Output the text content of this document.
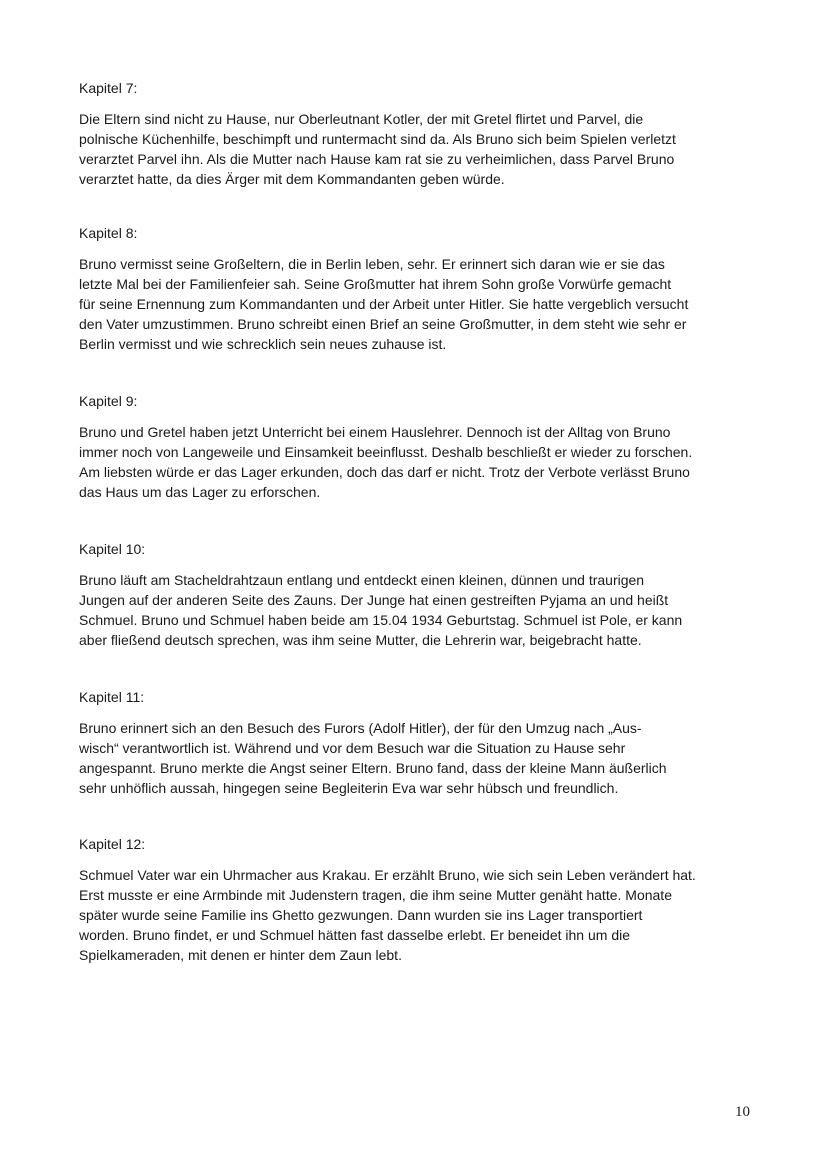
Kapitel 7:

Die Eltern sind nicht zu Hause, nur Oberleutnant Kotler, der mit Gretel flirtet und Parvel, die
polnische Küchenhilfe, beschimpft und runtermacht sind da. Als Bruno sich beim Spielen verletzt
verarztet Parvel ihn. Als die Mutter nach Hause kam rat sie zu verheimlichen, dass Parvel Bruno
verarztet hatte, da dies Ärger mit dem Kommandanten geben würde.

Kapitel 8:

Bruno vermisst seine Großeltern, die in Berlin leben, sehr. Er erinnert sich daran wie er sie das
letzte Mal bei der Familienfeier sah. Seine Großmutter hat ihrem Sohn große Vorwürfe gemacht
für seine Ernennung zum Kommandanten und der Arbeit unter Hitler. Sie hatte vergeblich versucht
den Vater umzustimmen. Bruno schreibt einen Brief an seine Großmutter, in dem steht wie sehr er
Berlin vermisst und wie schrecklich sein neues zuhause ist.

Kapitel 9:

Bruno und Gretel haben jetzt Unterricht bei einem Hauslehrer. Dennoch ist der Alltag von Bruno
immer noch von Langeweile und Einsamkeit beeinflusst. Deshalb beschließt er wieder zu forschen.
Am liebsten würde er das Lager erkunden, doch das darf er nicht. Trotz der Verbote verlässt Bruno
das Haus um das Lager zu erforschen.

Kapitel 10:

Bruno läuft am Stacheldrahtzaun entlang und entdeckt einen kleinen, dünnen und traurigen
Jungen auf der anderen Seite des Zauns. Der Junge hat einen gestreiften Pyjama an und heißt
Schmuel. Bruno und Schmuel haben beide am 15.04 1934 Geburtstag. Schmuel ist Pole, er kann
aber fließend deutsch sprechen, was ihm seine Mutter, die Lehrerin war, beigebracht hatte.

Kapitel 11:

Bruno erinnert sich an den Besuch des Furors (Adolf Hitler), der für den Umzug nach „Aus-
wisch“ verantwortlich ist. Während und vor dem Besuch war die Situation zu Hause sehr
angespannt. Bruno merkte die Angst seiner Eltern. Bruno fand, dass der kleine Mann äußerlich
sehr unhöflich aussah, hingegen seine Begleiterin Eva war sehr hübsch und freundlich.

Kapitel 12:

Schmuel Vater war ein Uhrmacher aus Krakau. Er erzählt Bruno, wie sich sein Leben verändert hat.
Erst musste er eine Armbinde mit Judenstern tragen, die ihm seine Mutter genäht hatte. Monate
später wurde seine Familie ins Ghetto gezwungen. Dann wurden sie ins Lager transportiert
worden. Bruno findet, er und Schmuel hätten fast dasselbe erlebt. Er beneidet ihn um die
Spielkameraden, mit denen er hinter dem Zaun lebt.

10
